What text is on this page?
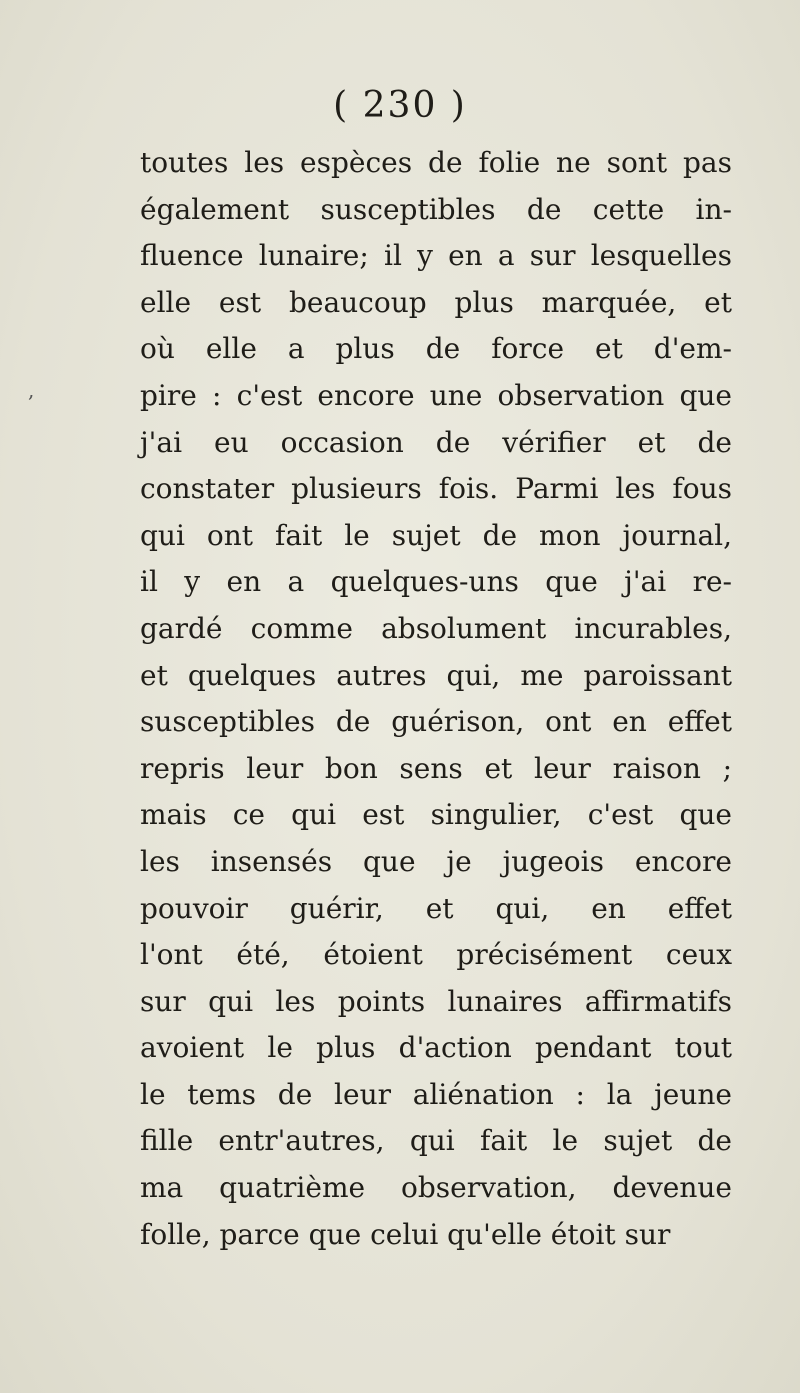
( 230 )
,
toutes les espèces de folie ne sont pas
également susceptibles de cette in-
fluence lunaire; il y en a sur lesquelles
elle est beaucoup plus marquée, et
où elle a plus de force et d'em-
pire : c'est encore une observation que
j'ai eu occasion de vérifier et de
constater plusieurs fois. Parmi les fous
qui ont fait le sujet de mon journal,
il y en a quelques-uns que j'ai re-
gardé comme absolument incurables,
et quelques autres qui, me paroissant
susceptibles de guérison, ont en effet
repris leur bon sens et leur raison ;
mais ce qui est singulier, c'est que
les insensés que je jugeois encore
pouvoir guérir, et qui, en effet
l'ont été, étoient précisément ceux
sur qui les points lunaires affirmatifs
avoient le plus d'action pendant tout
le tems de leur aliénation : la jeune
fille entr'autres, qui fait le sujet de
ma quatrième observation, devenue
folle, parce que celui qu'elle étoit sur
